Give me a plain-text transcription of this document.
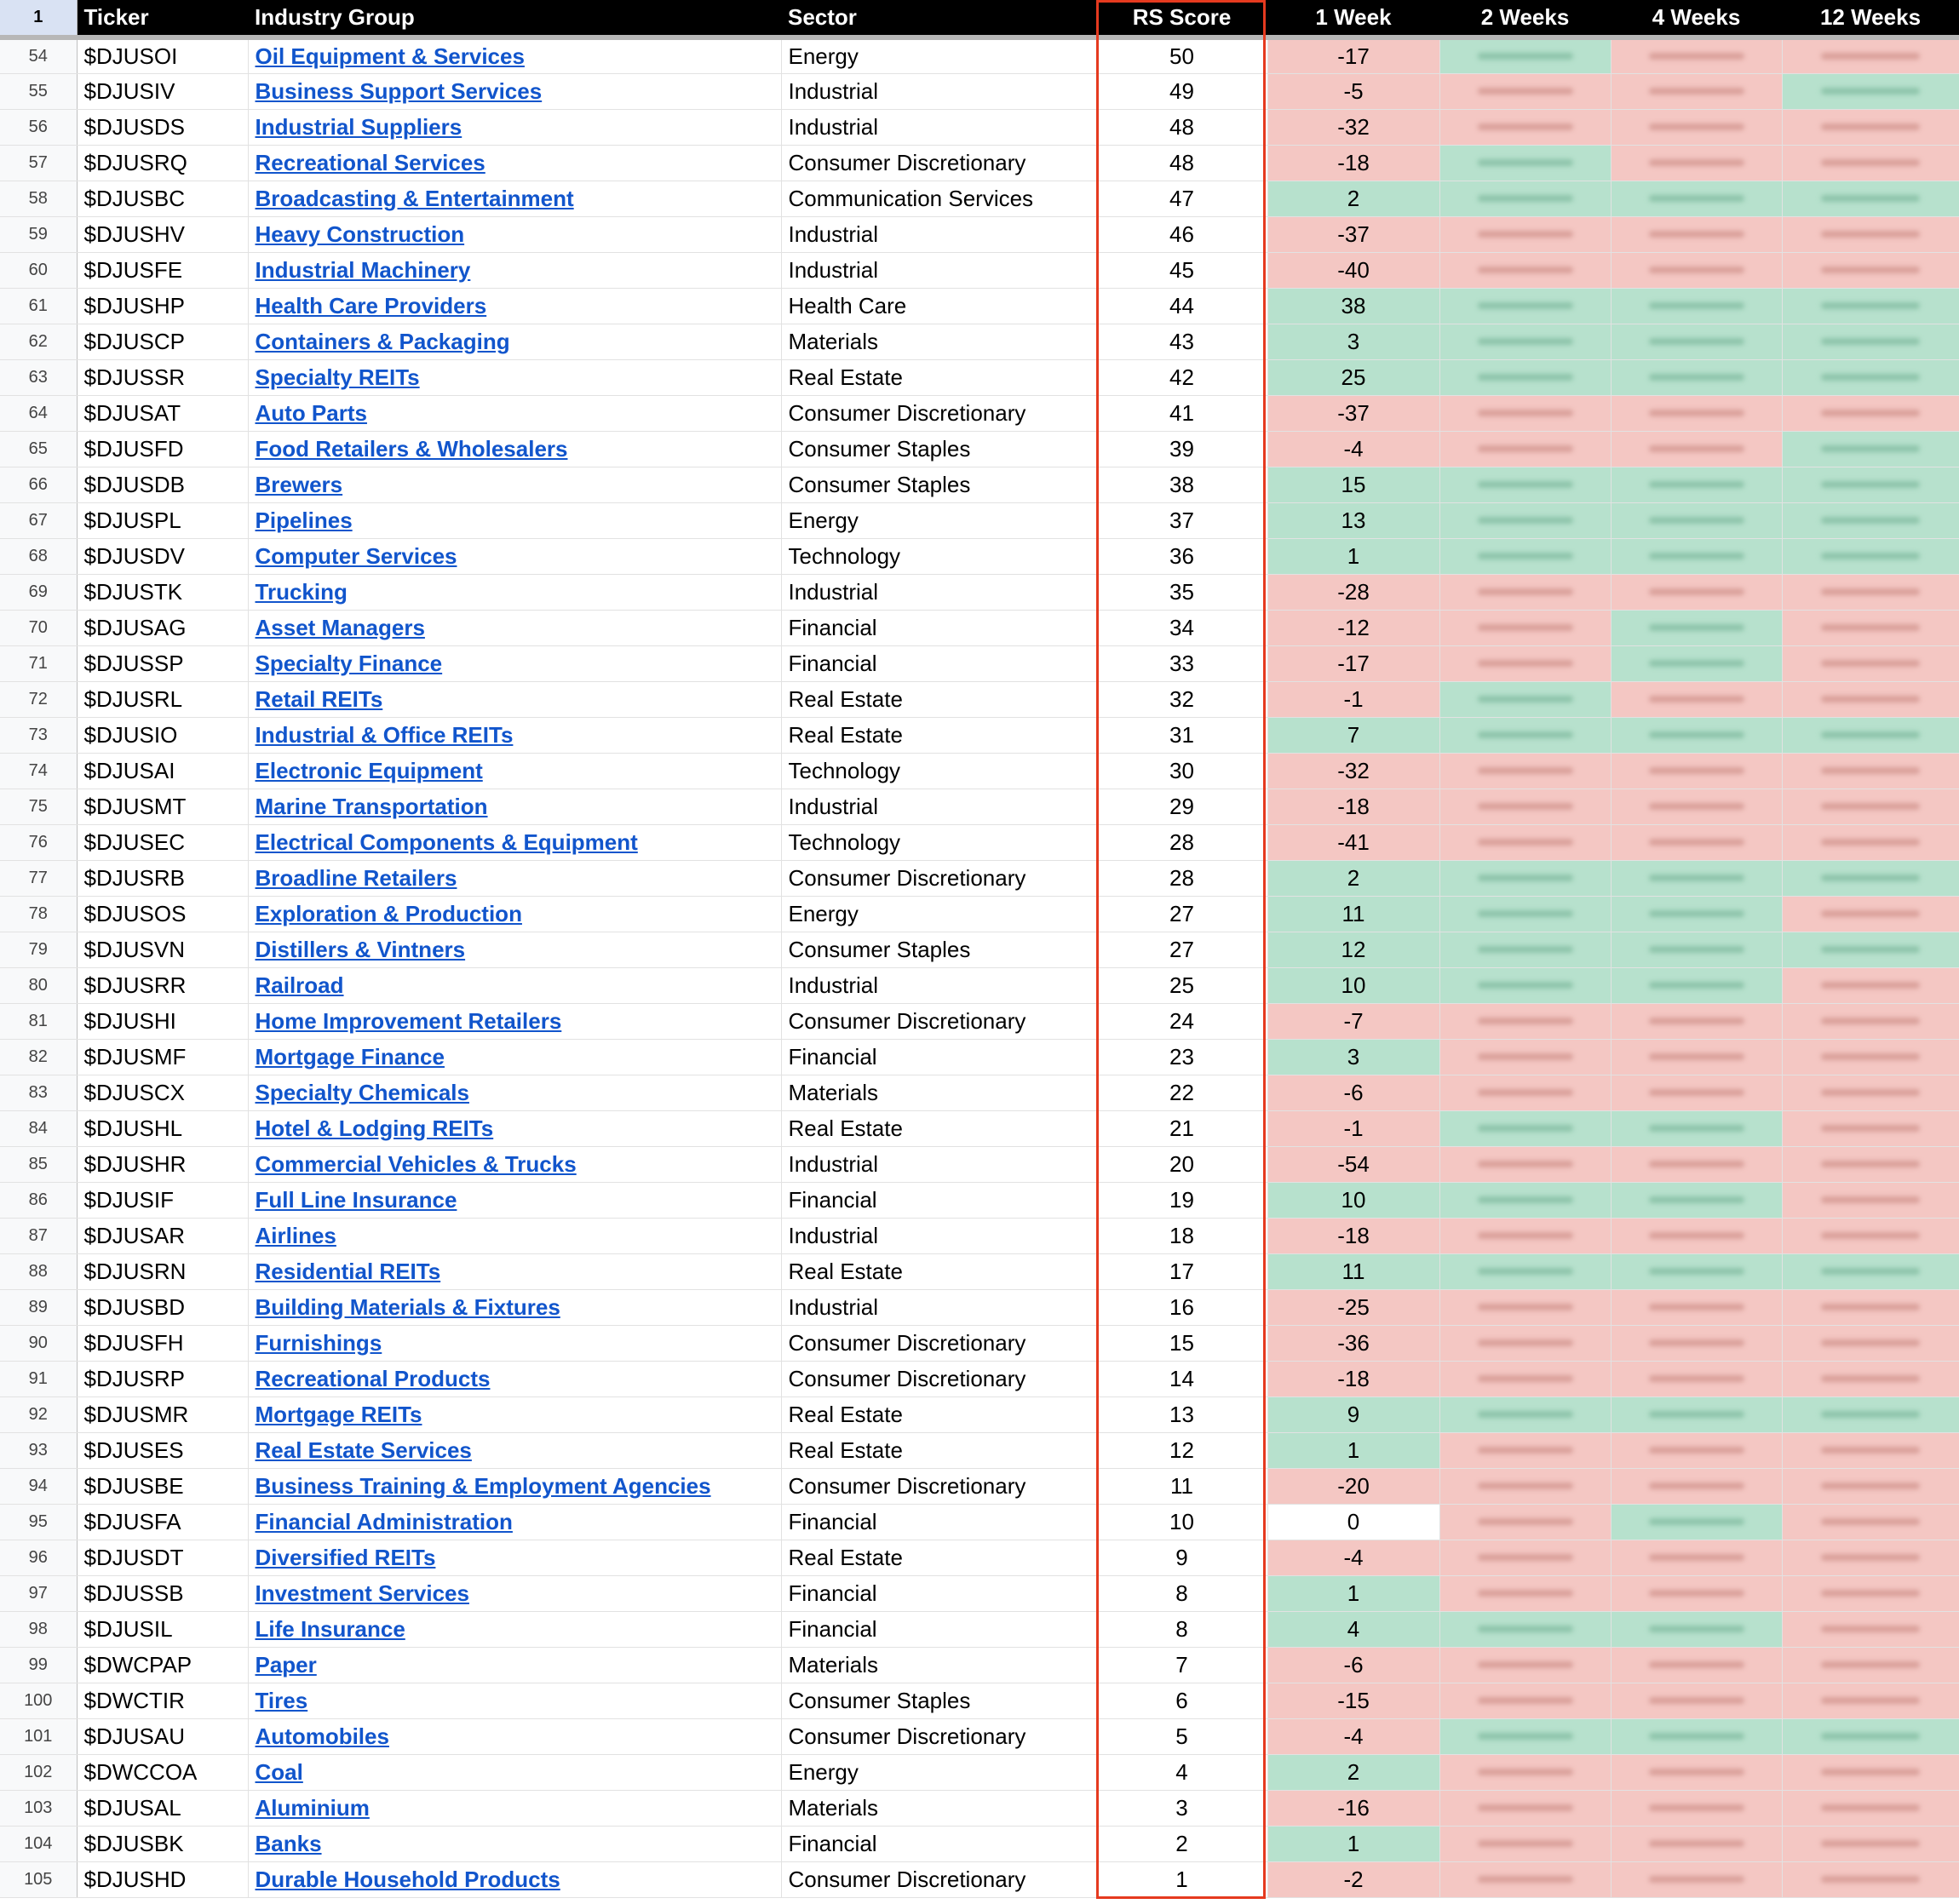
1	Ticker	Industry Group	Sector	RS Score	1 Week	2 Weeks	4 Weeks	12 Weeks
54	$DJUSOI	Oil Equipment & Services	Energy	50	-17	

55	$DJUSIV	Business Support Services	Industrial	49	-5	

56	$DJUSDS	Industrial Suppliers	Industrial	48	-32	

57	$DJUSRQ	Recreational Services	Consumer Discretionary	48	-18	

58	$DJUSBC	Broadcasting & Entertainment	Communication Services	47	2	

59	$DJUSHV	Heavy Construction	Industrial	46	-37	

60	$DJUSFE	Industrial Machinery	Industrial	45	-40	

61	$DJUSHP	Health Care Providers	Health Care	44	38	

62	$DJUSCP	Containers & Packaging	Materials	43	3	

63	$DJUSSR	Specialty REITs	Real Estate	42	25	

64	$DJUSAT	Auto Parts	Consumer Discretionary	41	-37	

65	$DJUSFD	Food Retailers & Wholesalers	Consumer Staples	39	-4	

66	$DJUSDB	Brewers	Consumer Staples	38	15	

67	$DJUSPL	Pipelines	Energy	37	13	

68	$DJUSDV	Computer Services	Technology	36	1	

69	$DJUSTK	Trucking	Industrial	35	-28	

70	$DJUSAG	Asset Managers	Financial	34	-12	

71	$DJUSSP	Specialty Finance	Financial	33	-17	

72	$DJUSRL	Retail REITs	Real Estate	32	-1	

73	$DJUSIO	Industrial & Office REITs	Real Estate	31	7	

74	$DJUSAI	Electronic Equipment	Technology	30	-32	

75	$DJUSMT	Marine Transportation	Industrial	29	-18	

76	$DJUSEC	Electrical Components & Equipment	Technology	28	-41	

77	$DJUSRB	Broadline Retailers	Consumer Discretionary	28	2	

78	$DJUSOS	Exploration & Production	Energy	27	11	

79	$DJUSVN	Distillers & Vintners	Consumer Staples	27	12	

80	$DJUSRR	Railroad	Industrial	25	10	

81	$DJUSHI	Home Improvement Retailers	Consumer Discretionary	24	-7	

82	$DJUSMF	Mortgage Finance	Financial	23	3	

83	$DJUSCX	Specialty Chemicals	Materials	22	-6	

84	$DJUSHL	Hotel & Lodging REITs	Real Estate	21	-1	

85	$DJUSHR	Commercial Vehicles & Trucks	Industrial	20	-54	

86	$DJUSIF	Full Line Insurance	Financial	19	10	

87	$DJUSAR	Airlines	Industrial	18	-18	

88	$DJUSRN	Residential REITs	Real Estate	17	11	

89	$DJUSBD	Building Materials & Fixtures	Industrial	16	-25	

90	$DJUSFH	Furnishings	Consumer Discretionary	15	-36	

91	$DJUSRP	Recreational Products	Consumer Discretionary	14	-18	

92	$DJUSMR	Mortgage REITs	Real Estate	13	9	

93	$DJUSES	Real Estate Services	Real Estate	12	1	

94	$DJUSBE	Business Training & Employment Agencies	Consumer Discretionary	11	-20	

95	$DJUSFA	Financial Administration	Financial	10	0	

96	$DJUSDT	Diversified REITs	Real Estate	9	-4	

97	$DJUSSB	Investment Services	Financial	8	1	

98	$DJUSIL	Life Insurance	Financial	8	4	

99	$DWCPAP	Paper	Materials	7	-6	

100	$DWCTIR	Tires	Consumer Staples	6	-15	

101	$DJUSAU	Automobiles	Consumer Discretionary	5	-4	

102	$DWCCOA	Coal	Energy	4	2	

103	$DJUSAL	Aluminium	Materials	3	-16	

104	$DJUSBK	Banks	Financial	2	1	

105	$DJUSHD	Durable Household Products	Consumer Discretionary	1	-2	
